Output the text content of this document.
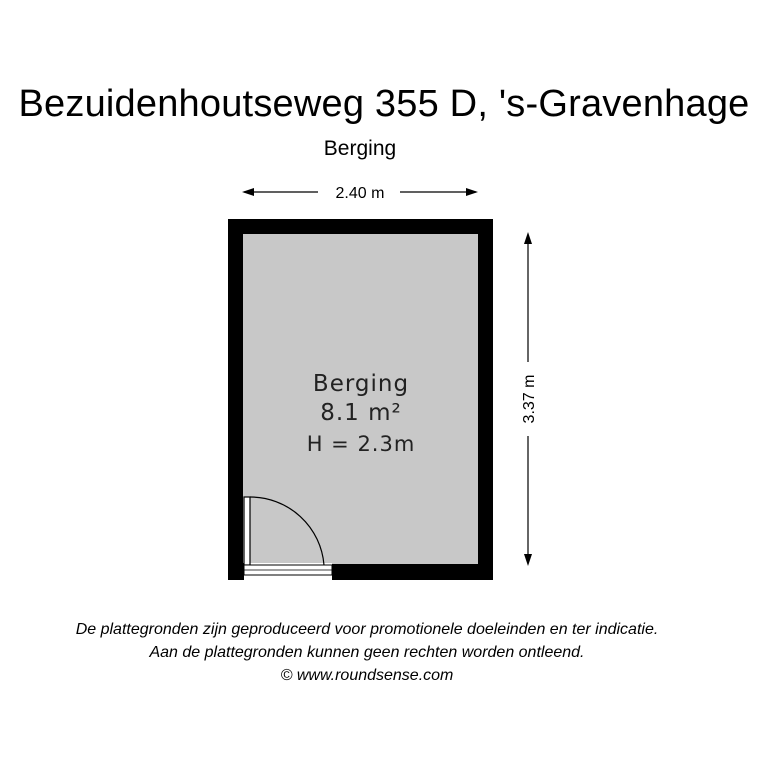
Bezuidenhoutseweg 355 D, 's-Gravenhage
Berging
2.40 m
3.37 m
Berging
8.1 m²
H = 2.3m
De plattegronden zijn geproduceerd voor promotionele doeleinden en ter indicatie.
Aan de plattegronden kunnen geen rechten worden ontleend.
© www.roundsense.com
